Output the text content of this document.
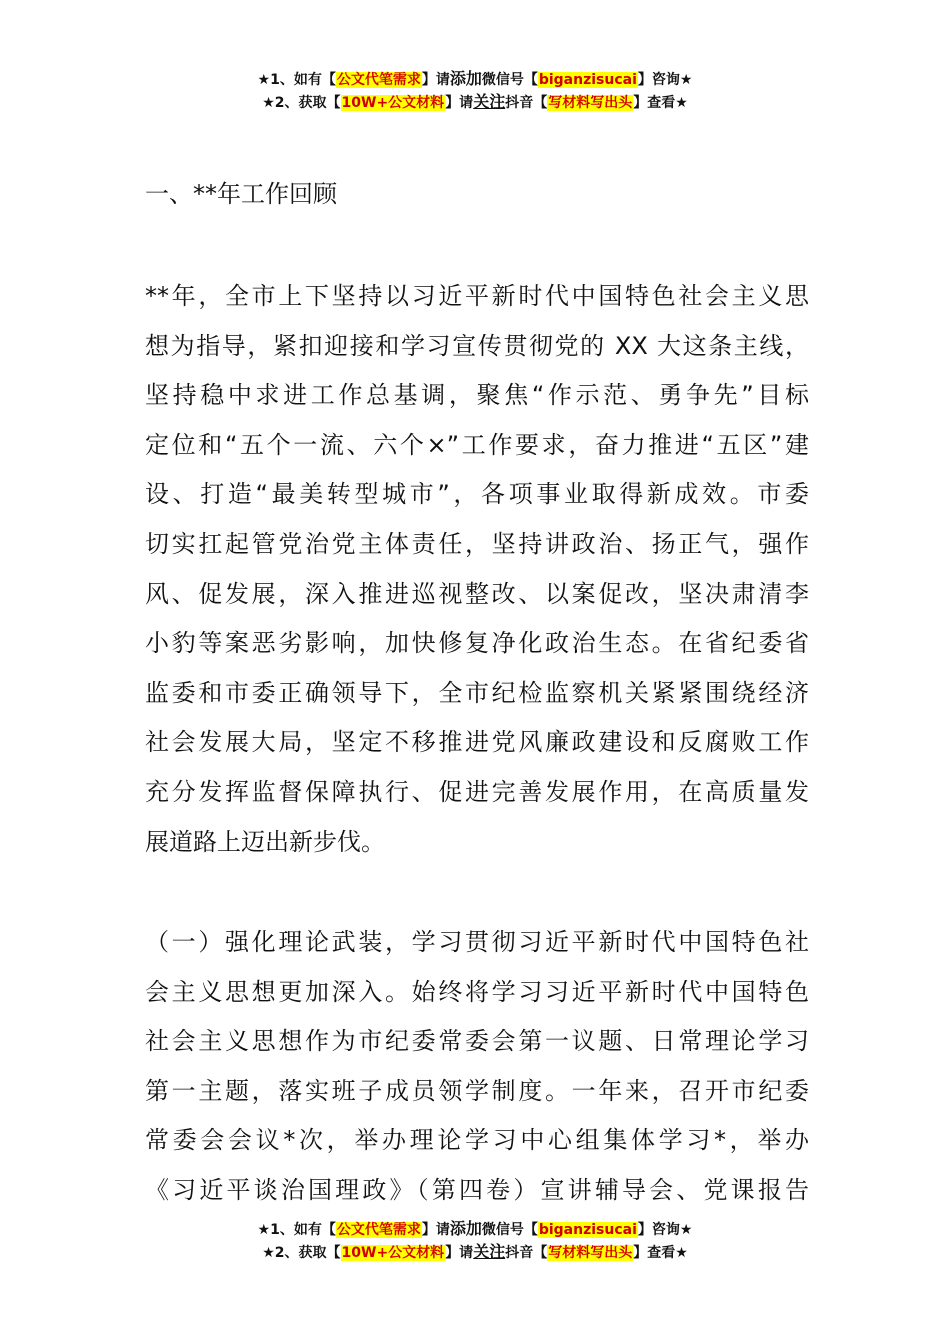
★1、如有【公文代笔需求】请添加微信号【biganzisucai】咨询★
★2、获取【10W+公文材料】请关注抖音【写材料写出头】查看★
一、**年工作回顾
**年，全市上下坚持以习近平新时代中国特色社会主义思
想为指导，紧扣迎接和学习宣传贯彻党的 XX 大这条主线，
坚持稳中求进工作总基调，聚焦“作示范、勇争先”目标
定位和“五个一流、六个×”工作要求，奋力推进“五区”建
设、打造“最美转型城市”，各项事业取得新成效。市委
切实扛起管党治党主体责任，坚持讲政治、扬正气，强作
风、促发展，深入推进巡视整改、以案促改，坚决肃清李
小豹等案恶劣影响，加快修复净化政治生态。在省纪委省
监委和市委正确领导下，全市纪检监察机关紧紧围绕经济
社会发展大局，坚定不移推进党风廉政建设和反腐败工作
充分发挥监督保障执行、促进完善发展作用，在高质量发
展道路上迈出新步伐。
（一）强化理论武装，学习贯彻习近平新时代中国特色社
会主义思想更加深入。始终将学习习近平新时代中国特色
社会主义思想作为市纪委常委会第一议题、日常理论学习
第一主题，落实班子成员领学制度。一年来，召开市纪委
常委会会议*次，举办理论学习中心组集体学习*，举办
《习近平谈治国理政》（第四卷）宣讲辅导会、党课报告
★1、如有【公文代笔需求】请添加微信号【biganzisucai】咨询★
★2、获取【10W+公文材料】请关注抖音【写材料写出头】查看★
